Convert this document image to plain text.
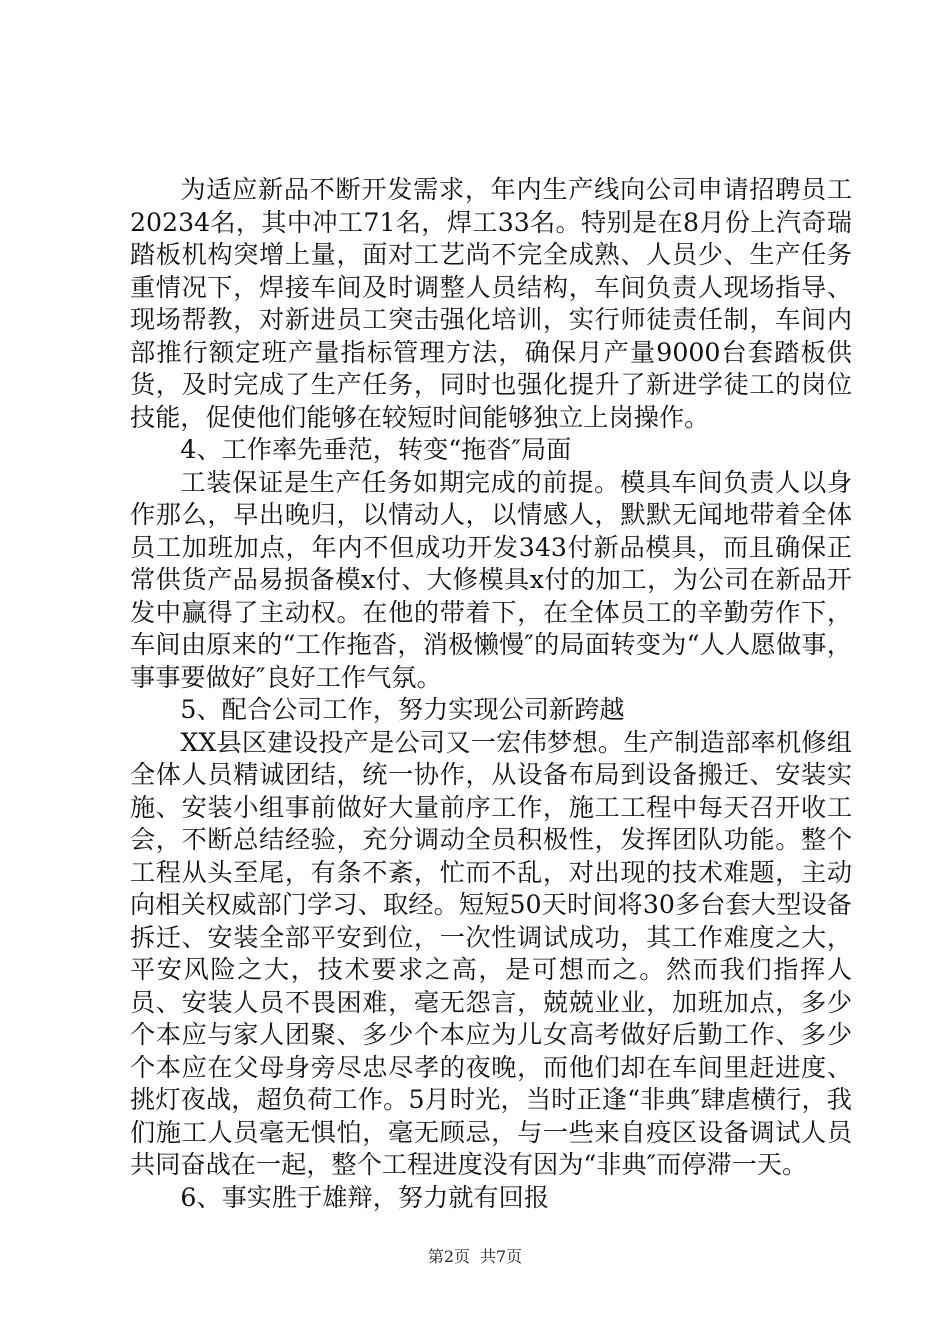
为适应新品不断开发需求，年内生产线向公司申请招聘员工20234名，其中冲工71名，焊工33名。特别是在8月份上汽奇瑞踏板机构突增上量，面对工艺尚不完全成熟、人员少、生产任务重情况下，焊接车间及时调整人员结构，车间负责人现场指导、现场帮教，对新进员工突击强化培训，实行师徒责任制，车间内部推行额定班产量指标管理方法，确保月产量9000台套踏板供货，及时完成了生产任务，同时也强化提升了新进学徒工的岗位技能，促使他们能够在较短时间能够独立上岗操作。

4、工作率先垂范，转变“拖沓″局面

工装保证是生产任务如期完成的前提。模具车间负责人以身作那么，早出晚归，以情动人，以情感人，默默无闻地带着全体员工加班加点，年内不但成功开发343付新品模具，而且确保正常供货产品易损备模x付、大修模具x付的加工，为公司在新品开发中赢得了主动权。在他的带着下，在全体员工的辛勤劳作下，车间由原来的“工作拖沓，消极懒慢″的局面转变为“人人愿做事，事事要做好″良好工作气氛。

5、配合公司工作，努力实现公司新跨越

XX县区建设投产是公司又一宏伟梦想。生产制造部率机修组全体人员精诚团结，统一协作，从设备布局到设备搬迁、安装实施、安装小组事前做好大量前序工作，施工工程中每天召开收工会，不断总结经验，充分调动全员积极性，发挥团队功能。整个工程从头至尾，有条不紊，忙而不乱，对出现的技术难题，主动向相关权威部门学习、取经。短短50天时间将30多台套大型设备拆迁、安装全部平安到位，一次性调试成功，其工作难度之大，平安风险之大，技术要求之高，是可想而之。然而我们指挥人员、安装人员不畏困难，毫无怨言，兢兢业业，加班加点，多少个本应与家人团聚、多少个本应为儿女高考做好后勤工作、多少个本应在父母身旁尽忠尽孝的夜晚，而他们却在车间里赶进度、挑灯夜战，超负荷工作。5月时光，当时正逢“非典″肆虐横行，我们施工人员毫无惧怕，毫无顾忌，与一些来自疫区设备调试人员共同奋战在一起，整个工程进度没有因为“非典″而停滞一天。

6、事实胜于雄辩，努力就有回报

第2页 共7页
